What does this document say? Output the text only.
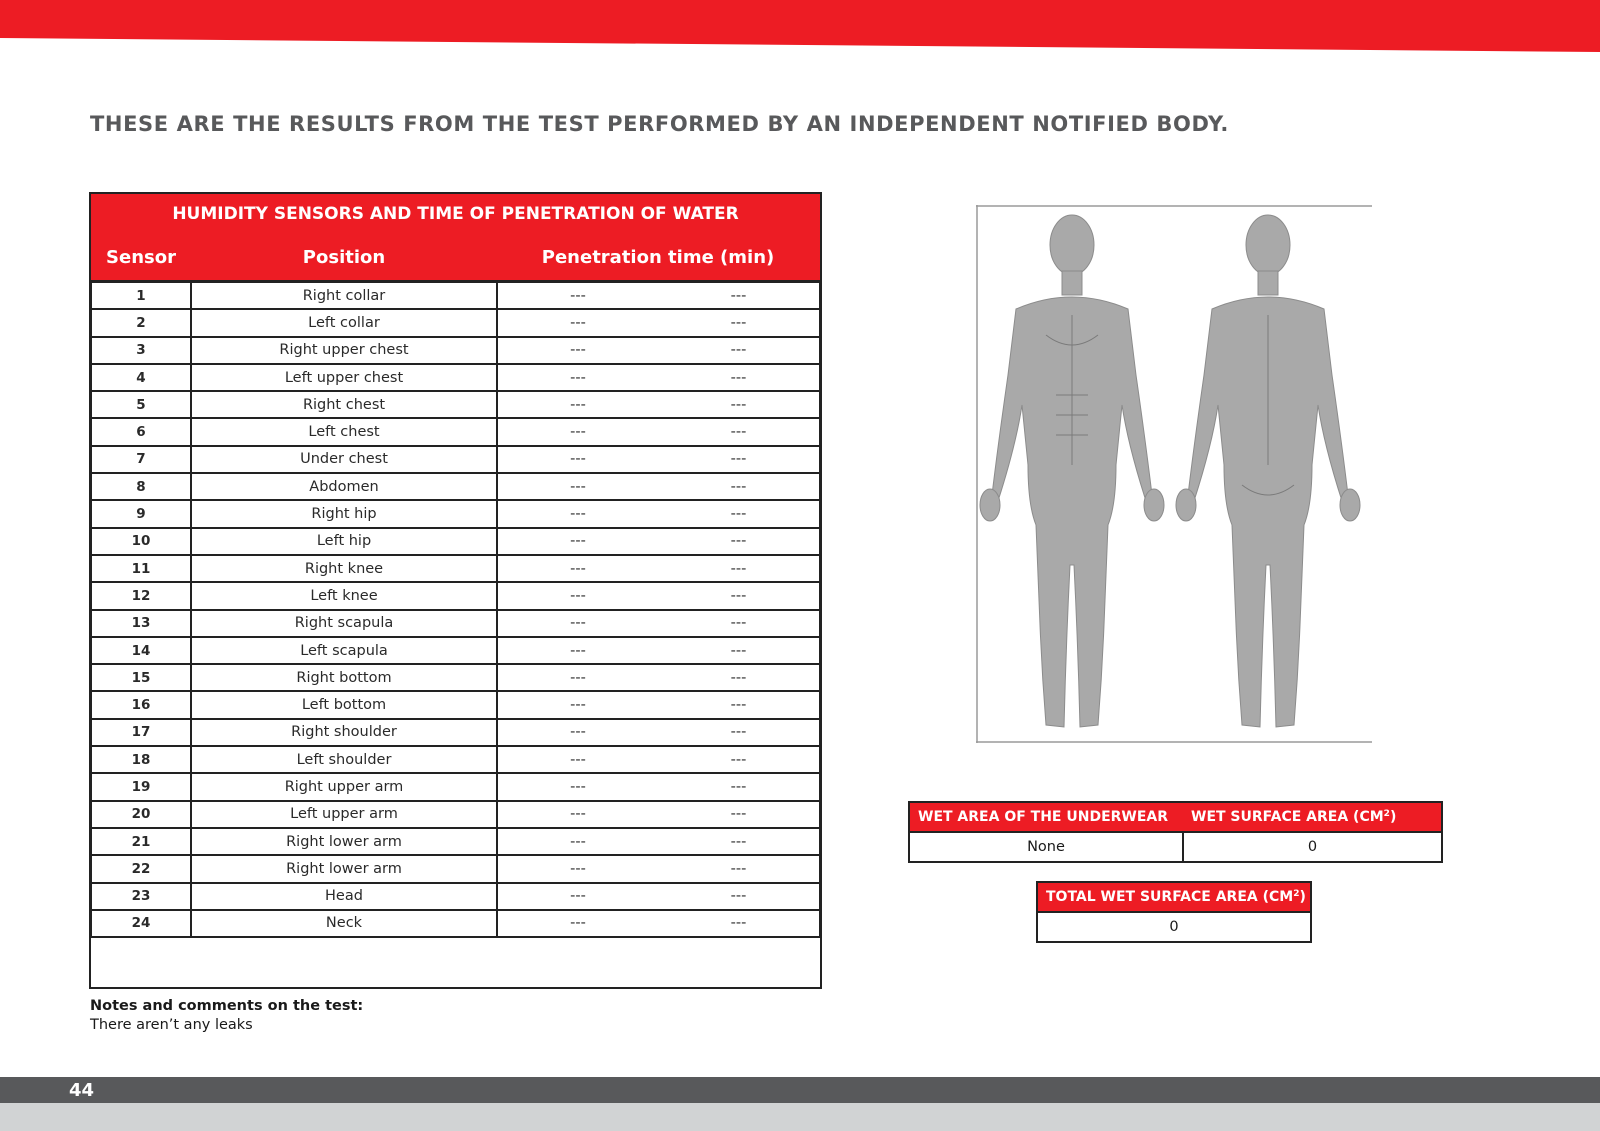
THESE ARE THE RESULTS FROM THE TEST PERFORMED BY AN INDEPENDENT NOTIFIED BODY.
HUMIDITY SENSORS AND TIME OF PENETRATION OF WATER			
Sensor	Position	Penetration time (min)	
1	Right collar	---	---
2	Left collar	---	---
3	Right upper chest	---	---
4	Left upper chest	---	---
5	Right chest	---	---
6	Left chest	---	---
7	Under chest	---	---
8	Abdomen	---	---
9	Right hip	---	---
10	Left hip	---	---
11	Right knee	---	---
12	Left knee	---	---
13	Right scapula	---	---
14	Left scapula	---	---
15	Right bottom	---	---
16	Left bottom	---	---
17	Right shoulder	---	---
18	Left shoulder	---	---
19	Right upper arm	---	---
20	Left upper arm	---	---
21	Right lower arm	---	---
22	Right lower arm	---	---
23	Head	---	---
24	Neck	---	---
Notes and comments on the test:
There aren’t any leaks
WET AREA OF THE UNDERWEAR	WET SURFACE AREA $(CM^2)$
None	0
TOTAL WET SURFACE AREA $(CM^2)$
0
44
